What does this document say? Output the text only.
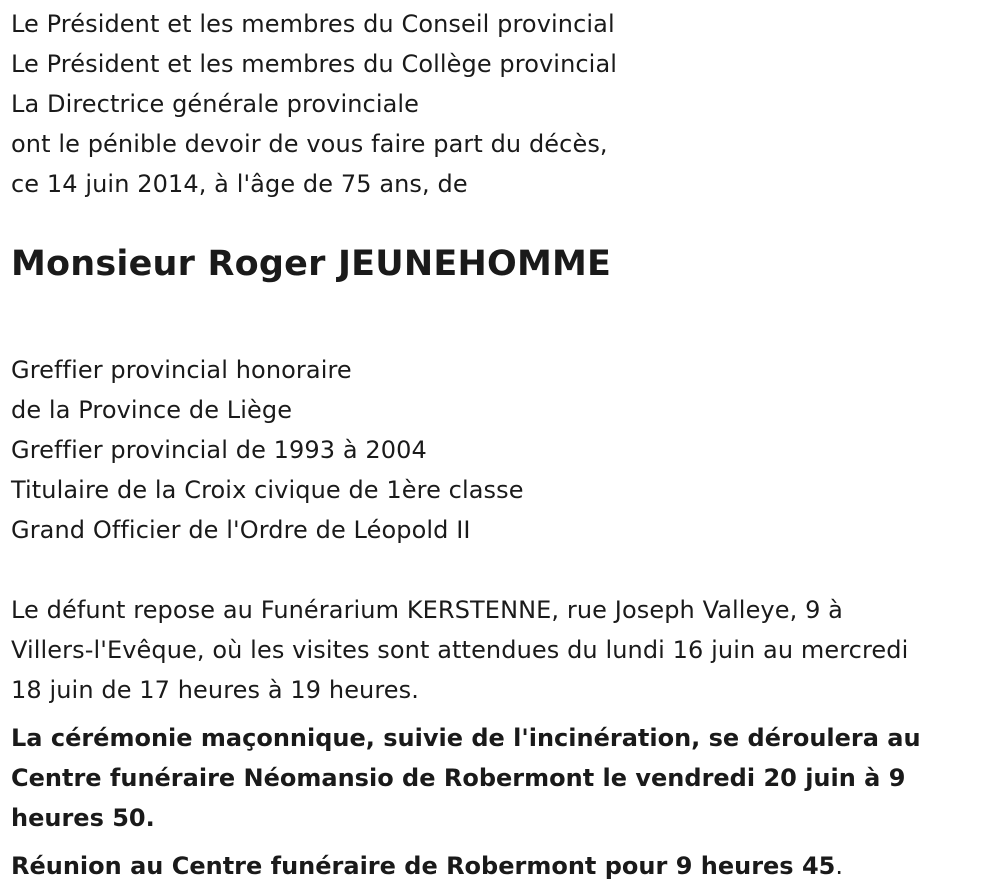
Le Président et les membres du Conseil provincial
Le Président et les membres du Collège provincial
La Directrice générale provinciale
ont le pénible devoir de vous faire part du décès,
ce 14 juin 2014, à l'âge de 75 ans, de
Monsieur Roger JEUNEHOMME
Greffier provincial honoraire
de la Province de Liège
Greffier provincial de 1993 à 2004
Titulaire de la Croix civique de 1ère classe
Grand Officier de l'Ordre de Léopold II
Le défunt repose au Funérarium KERSTENNE, rue Joseph Valleye, 9 à
Villers-l'Evêque, où les visites sont attendues du lundi 16 juin au mercredi
18 juin de 17 heures à 19 heures.
La cérémonie maçonnique, suivie de l'incinération, se déroulera au
Centre funéraire Néomansio de Robermont le vendredi 20 juin à 9
heures 50.
Réunion au Centre funéraire de Robermont pour 9 heures 45.
